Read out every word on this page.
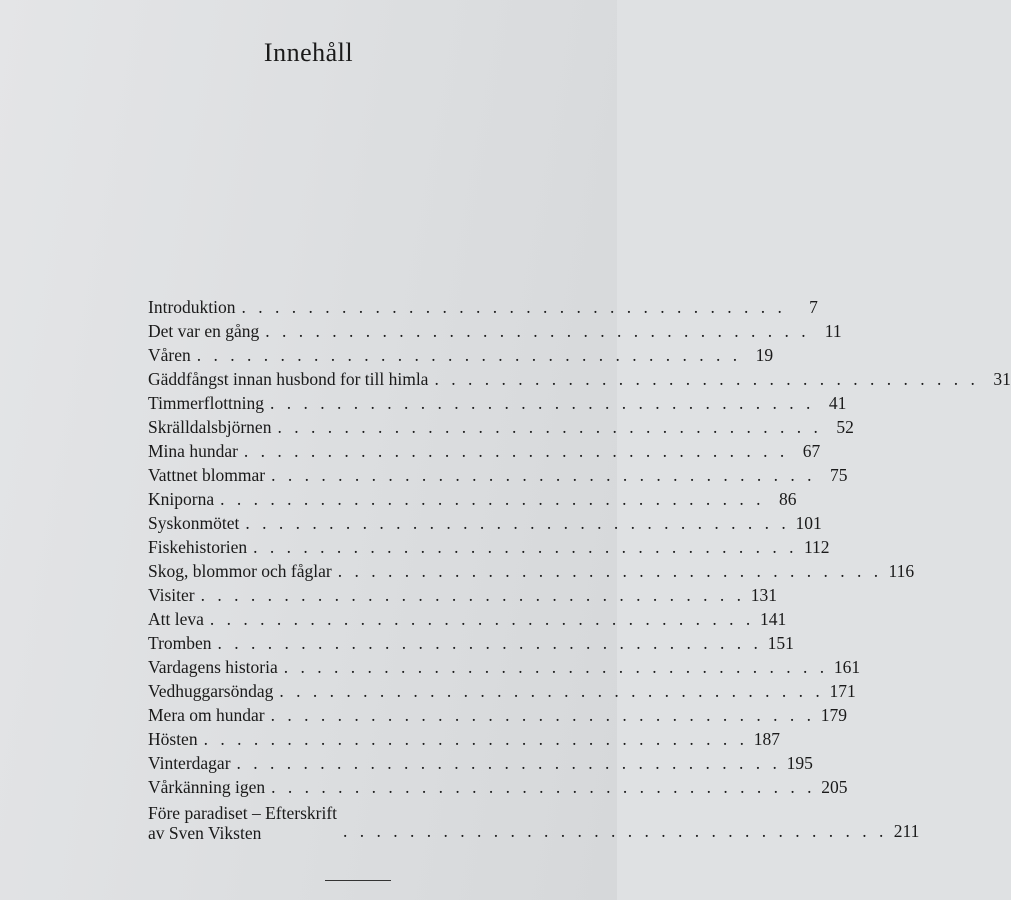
Innehåll
Introduktion . . . . . . . . . . . . . . . . . . . . . . . . . . . . . . . . .	7
Det var en gång . . . . . . . . . . . . . . . . . . . . . . . . . . . . . . . . . 11
Våren . . . . . . . . . . . . . . . . . . . . . . . . . . . . . . . . . 19
Gäddfångst innan husbond for till himla . . . . . . . . . . . . . . . . . . . . . . . . . . . . . . . . . 31
Timmerflottning . . . . . . . . . . . . . . . . . . . . . . . . . . . . . . . . . 41
Skrälldalsbjörnen . . . . . . . . . . . . . . . . . . . . . . . . . . . . . . . . . 52
Mina hundar . . . . . . . . . . . . . . . . . . . . . . . . . . . . . . . . . 67
Vattnet blommar . . . . . . . . . . . . . . . . . . . . . . . . . . . . . . . . . 75
Kniporna . . . . . . . . . . . . . . . . . . . . . . . . . . . . . . . . . 86
Syskonmötet . . . . . . . . . . . . . . . . . . . . . . . . . . . . . . . . . 101
Fiskehistorien . . . . . . . . . . . . . . . . . . . . . . . . . . . . . . . . . 112
Skog, blommor och fåglar . . . . . . . . . . . . . . . . . . . . . . . . . . . . . . . . . 116
Visiter . . . . . . . . . . . . . . . . . . . . . . . . . . . . . . . . . 131
Att leva . . . . . . . . . . . . . . . . . . . . . . . . . . . . . . . . . 141
Tromben . . . . . . . . . . . . . . . . . . . . . . . . . . . . . . . . . 151
Vardagens historia . . . . . . . . . . . . . . . . . . . . . . . . . . . . . . . . . 161
Vedhuggarsöndag . . . . . . . . . . . . . . . . . . . . . . . . . . . . . . . . . 171
Mera om hundar . . . . . . . . . . . . . . . . . . . . . . . . . . . . . . . . . 179
Hösten . . . . . . . . . . . . . . . . . . . . . . . . . . . . . . . . . 187
Vinterdagar . . . . . . . . . . . . . . . . . . . . . . . . . . . . . . . . . 195
Vårkänning igen . . . . . . . . . . . . . . . . . . . . . . . . . . . . . . . . . 205
Före paradiset – Efterskrift
av Sven Viksten	. . . . . . . . . . . . . . . . . . . . . . . . . . . . . . . . . 211
